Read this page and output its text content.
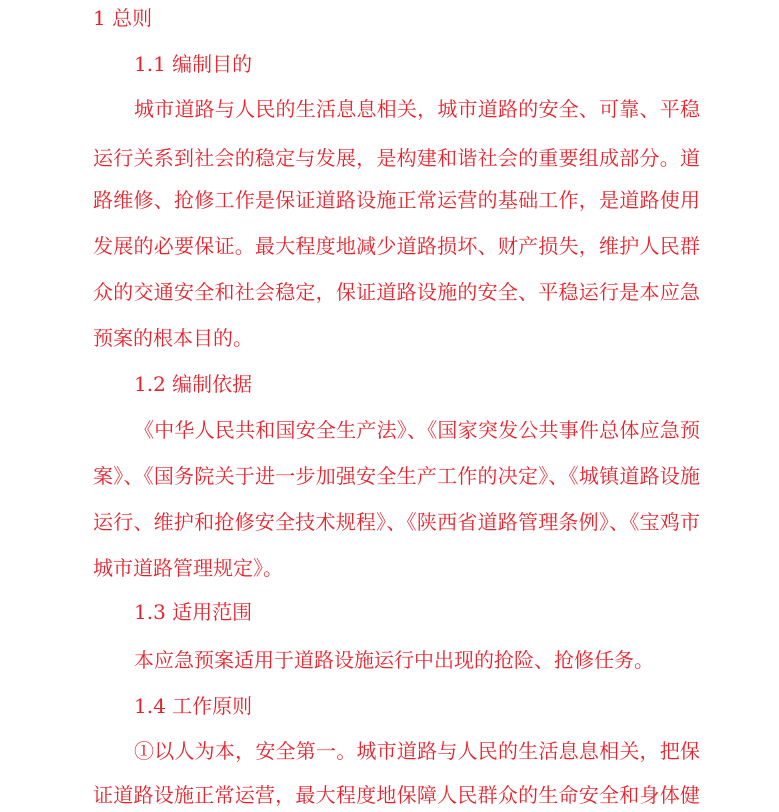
1 总则
1.1 编制目的
城市道路与人民的生活息息相关，城市道路的安全、可靠、平稳
运行关系到社会的稳定与发展，是构建和谐社会的重要组成部分。道
路维修、抢修工作是保证道路设施正常运营的基础工作，是道路使用
发展的必要保证。最大程度地减少道路损坏、财产损失，维护人民群
众的交通安全和社会稳定，保证道路设施的安全、平稳运行是本应急
预案的根本目的。
1.2 编制依据
《中华人民共和国安全生产法》、《国家突发公共事件总体应急预
案》、《国务院关于进一步加强安全生产工作的决定》、《城镇道路设施
运行、维护和抢修安全技术规程》、《陕西省道路管理条例》、《宝鸡市
城市道路管理规定》。
1.3 适用范围
本应急预案适用于道路设施运行中出现的抢险、抢修任务。
1.4 工作原则
①以人为本，安全第一。城市道路与人民的生活息息相关，把保
证道路设施正常运营，最大程度地保障人民群众的生命安全和身体健
